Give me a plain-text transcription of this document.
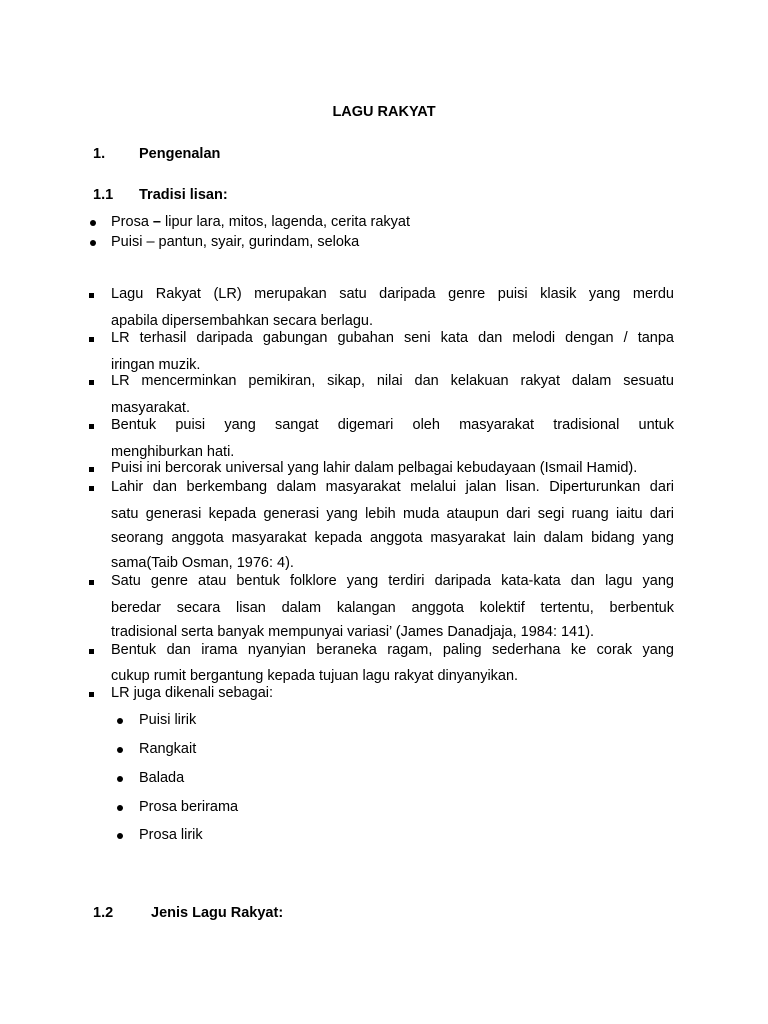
LAGU RAKYAT
1. Pengenalan
1.1 Tradisi lisan:
Prosa – lipur lara, mitos, lagenda, cerita rakyat
Puisi – pantun, syair, gurindam, seloka
Lagu Rakyat (LR) merupakan satu daripada genre puisi klasik yang merdu
apabila dipersembahkan secara berlagu.
LR terhasil daripada gabungan gubahan seni kata dan melodi dengan / tanpa
iringan muzik.
LR mencerminkan pemikiran, sikap, nilai dan kelakuan rakyat dalam sesuatu
masyarakat.
Bentuk puisi yang sangat digemari oleh masyarakat tradisional untuk
menghiburkan hati.
Puisi ini bercorak universal yang lahir dalam pelbagai kebudayaan (Ismail Hamid).
Lahir dan berkembang dalam masyarakat melalui jalan lisan. Diperturunkan dari
satu generasi kepada generasi yang lebih muda ataupun dari segi ruang iaitu dari
seorang anggota masyarakat kepada anggota masyarakat lain dalam bidang yang
sama(Taib Osman, 1976: 4).
Satu genre atau bentuk folklore yang terdiri daripada kata-kata dan lagu yang
beredar secara lisan dalam kalangan anggota kolektif tertentu, berbentuk
tradisional serta banyak mempunyai variasi’ (James Danadjaja, 1984: 141).
Bentuk dan irama nyanyian beraneka ragam, paling sederhana ke corak yang
cukup rumit bergantung kepada tujuan lagu rakyat dinyanyikan.
LR juga dikenali sebagai:
Puisi lirik
Rangkait
Balada
Prosa berirama
Prosa lirik
1.2	Jenis Lagu Rakyat:
